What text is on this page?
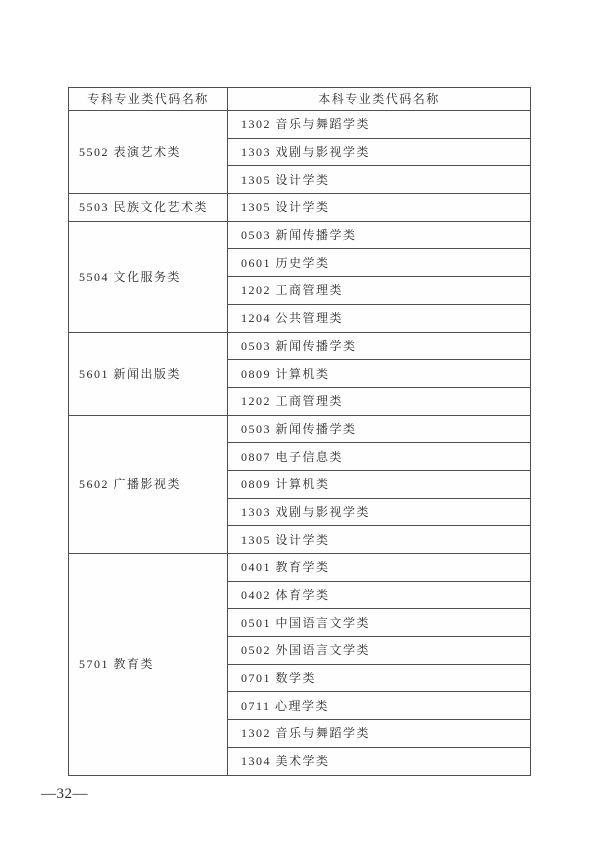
专科专业类代码名称	本科专业类代码名称
5502 表演艺术类	1302 音乐与舞蹈学类
	1303 戏剧与影视学类
	1305 设计学类
5503 民族文化艺术类	1305 设计学类
5504 文化服务类	0503 新闻传播学类
	0601 历史学类
	1202 工商管理类
	1204 公共管理类
5601 新闻出版类	0503 新闻传播学类
	0809 计算机类
	1202 工商管理类
5602 广播影视类	0503 新闻传播学类
	0807 电子信息类
	0809 计算机类
	1303 戏剧与影视学类
	1305 设计学类
5701 教育类	0401 教育学类
	0402 体育学类
	0501 中国语言文学类
	0502 外国语言文学类
	0701 数学类
	0711 心理学类
	1302 音乐与舞蹈学类
	1304 美术学类
—32—
